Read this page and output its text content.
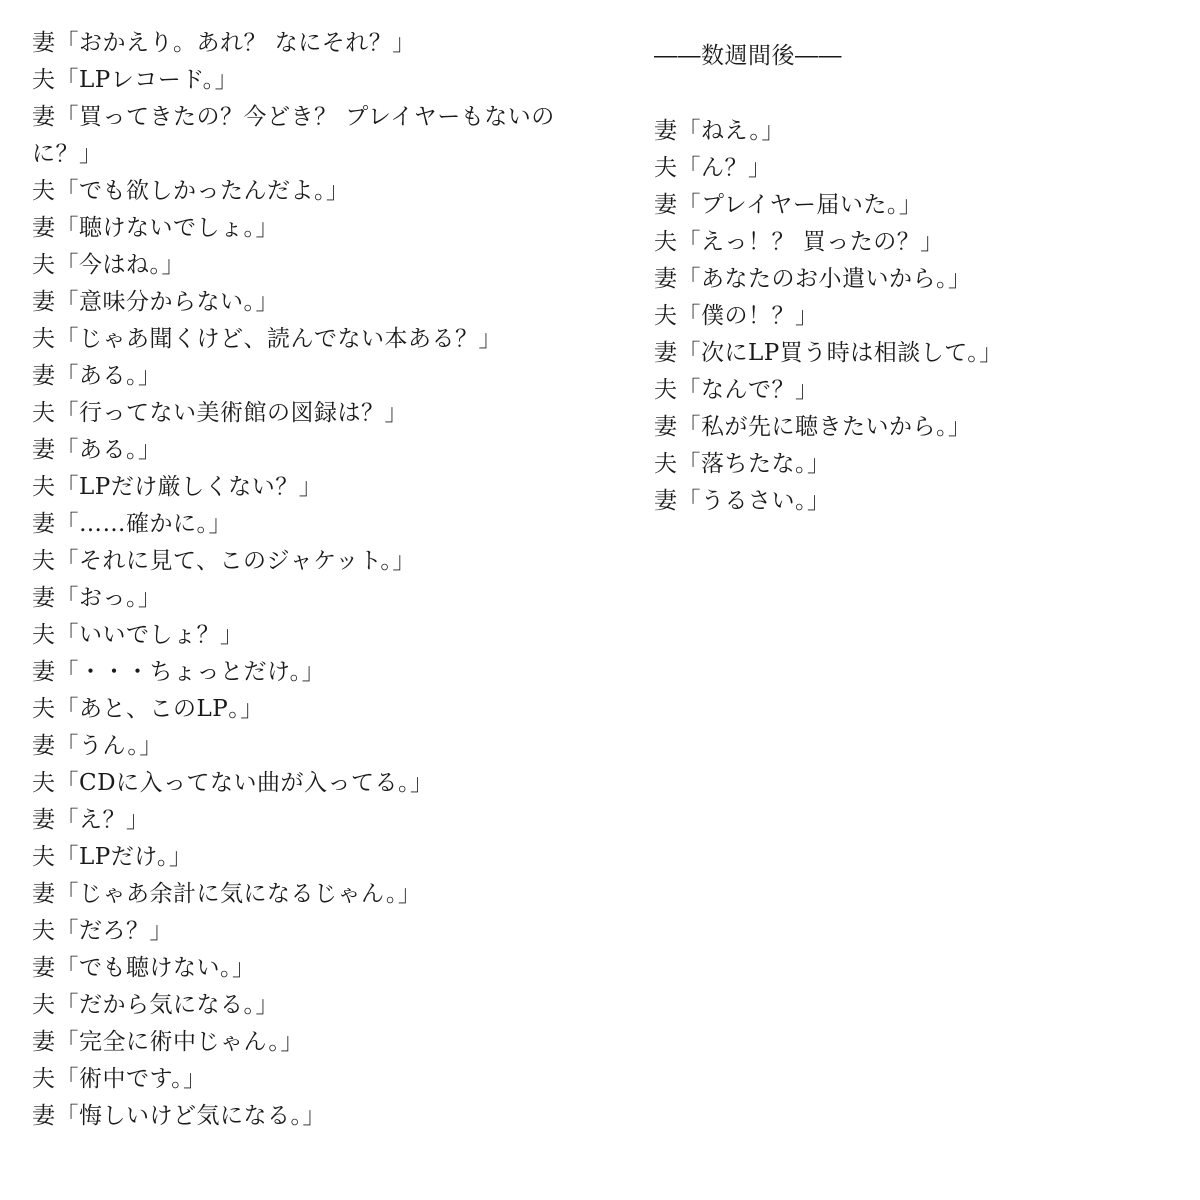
妻「おかえり。あれ？ なにそれ？」
夫「LPレコード。」
妻「買ってきたの？今どき？ プレイヤーもないの
に？」
夫「でも欲しかったんだよ。」
妻「聴けないでしょ。」
夫「今はね。」
妻「意味分からない。」
夫「じゃあ聞くけど、読んでない本ある？」
妻「ある。」
夫「行ってない美術館の図録は？」
妻「ある。」
夫「LPだけ厳しくない？」
妻「……確かに。」
夫「それに見て、このジャケット。」
妻「おっ。」
夫「いいでしょ？」
妻「・・・ちょっとだけ。」
夫「あと、このLP。」
妻「うん。」
夫「CDに入ってない曲が入ってる。」
妻「え？」
夫「LPだけ。」
妻「じゃあ余計に気になるじゃん。」
夫「だろ？」
妻「でも聴けない。」
夫「だから気になる。」
妻「完全に術中じゃん。」
夫「術中です。」
妻「悔しいけど気になる。」
――数週間後――
妻「ねえ。」
夫「ん？」
妻「プレイヤー届いた。」
夫「えっ！？ 買ったの？」
妻「あなたのお小遣いから。」
夫「僕の！？」
妻「次にLP買う時は相談して。」
夫「なんで？」
妻「私が先に聴きたいから。」
夫「落ちたな。」
妻「うるさい。」
